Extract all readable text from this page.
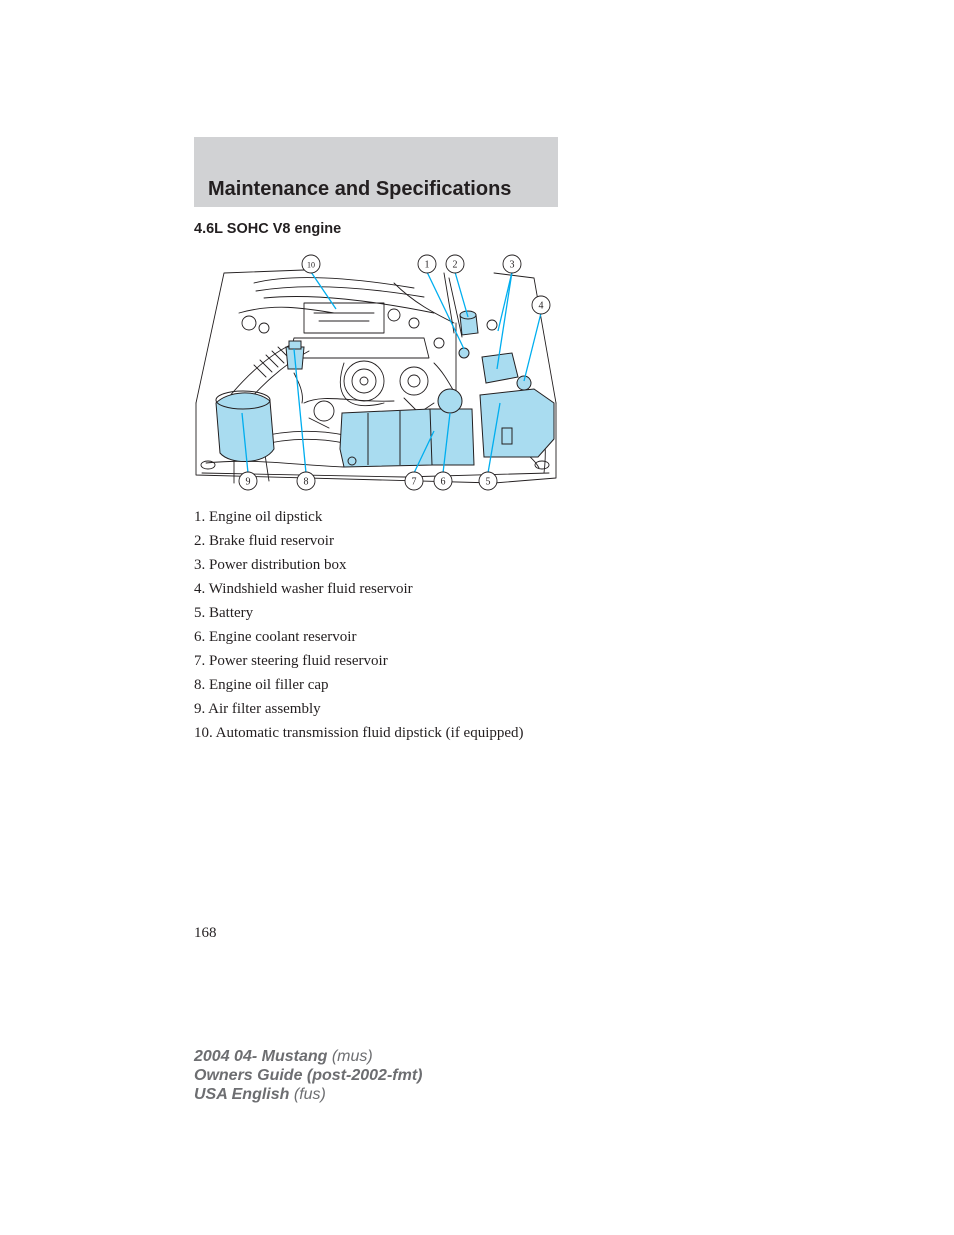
Maintenance and Specifications
4.6L SOHC V8 engine
10	1 2	3
4
9	8	7 6	5
1. Engine oil dipstick
2. Brake fluid reservoir
3. Power distribution box
4. Windshield washer fluid reservoir
5. Battery
6. Engine coolant reservoir
7. Power steering fluid reservoir
8. Engine oil filler cap
9. Air filter assembly
10. Automatic transmission fluid dipstick (if equipped)
168
2004 04- Mustang (mus)
Owners Guide (post-2002-fmt)
USA English (fus)
